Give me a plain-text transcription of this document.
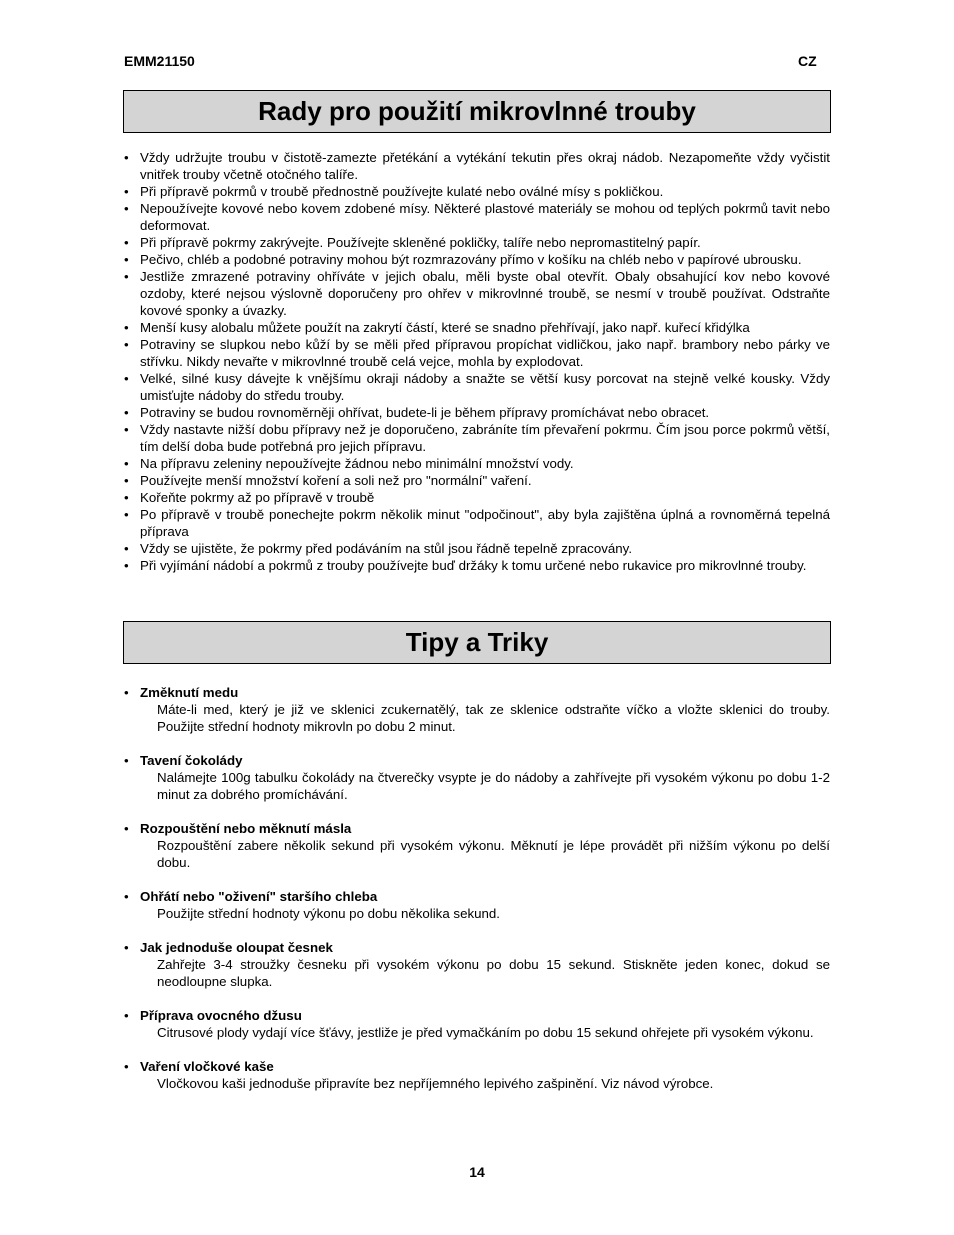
EMM21150	CZ
Rady pro použití mikrovlnné trouby
• Vždy udržujte troubu v čistotě-zamezte přetékání a vytékání tekutin přes okraj nádob. Nezapomeňte vždy vyčistit vnitřek trouby včetně otočného talíře.
• Při přípravě pokrmů v troubě přednostně používejte kulaté nebo oválné mísy s pokličkou.
• Nepoužívejte kovové nebo kovem zdobené mísy. Některé plastové materiály se mohou od teplých pokrmů tavit nebo deformovat.
• Při přípravě pokrmy zakrývejte. Používejte skleněné pokličky, talíře nebo nepromastitelný papír.
• Pečivo, chléb a podobné potraviny mohou být rozmrazovány přímo v košíku na chléb nebo v papírové ubrousku.
• Jestliže zmrazené potraviny ohříváte v jejich obalu, měli byste obal otevřít. Obaly obsahující kov nebo kovové ozdoby, které nejsou výslovně doporučeny pro ohřev v mikrovlnné troubě, se nesmí v troubě používat. Odstraňte kovové sponky a úvazky.
• Menší kusy alobalu můžete použít na zakrytí částí, které se snadno přehřívají, jako např. kuřecí křidýlka
• Potraviny se slupkou nebo kůží by se měli před přípravou propíchat vidličkou, jako např. brambory nebo párky ve střívku. Nikdy nevařte v mikrovlnné troubě celá vejce, mohla by explodovat.
• Velké, silné kusy dávejte k vnějšímu okraji nádoby a snažte se větší kusy porcovat na stejně velké kousky. Vždy umisťujte nádoby do středu trouby.
• Potraviny se budou rovnoměrněji ohřívat, budete-li je během přípravy promíchávat nebo obracet.
• Vždy nastavte nižší dobu přípravy než je doporučeno, zabráníte tím převaření pokrmu. Čím jsou porce pokrmů větší, tím delší doba bude potřebná pro jejich přípravu.
• Na přípravu zeleniny nepoužívejte žádnou nebo minimální množství vody.
• Používejte menší množství koření a soli než pro "normální" vaření.
• Kořeňte pokrmy až po přípravě v troubě
• Po přípravě v troubě ponechejte pokrm několik minut "odpočinout", aby byla zajištěna úplná a rovnoměrná tepelná příprava
• Vždy se ujistěte, že pokrmy před podáváním na stůl jsou řádně tepelně zpracovány.
• Při vyjímání nádobí a pokrmů z trouby používejte buď držáky k tomu určené nebo rukavice pro mikrovlnné trouby.
Tipy a Triky
• Změknutí medu
Máte-li med, který je již ve sklenici zcukernatělý, tak ze sklenice odstraňte víčko a vložte sklenici do trouby. Použijte střední hodnoty mikrovln po dobu 2 minut.
• Tavení čokolády
Nalámejte 100g tabulku čokolády na čtverečky vsypte je do nádoby a zahřívejte při vysokém výkonu po dobu 1-2 minut za dobrého promíchávání.
• Rozpouštění nebo měknutí másla
Rozpouštění zabere několik sekund při vysokém výkonu. Měknutí je lépe provádět při nižším výkonu po delší dobu.
• Ohřátí nebo "oživení" staršího chleba
Použijte střední hodnoty výkonu po dobu několika sekund.
• Jak jednoduše oloupat česnek
Zahřejte 3-4 stroužky česneku při vysokém výkonu po dobu 15 sekund. Stiskněte jeden konec, dokud se neodloupne slupka.
• Příprava ovocného džusu
Citrusové plody vydají více šťávy, jestliže je před vymačkáním po dobu 15 sekund ohřejete při vysokém výkonu.
• Vaření vločkové kaše
Vločkovou kaši jednoduše připravíte bez nepříjemného lepivého zašpinění. Viz návod výrobce.
14
